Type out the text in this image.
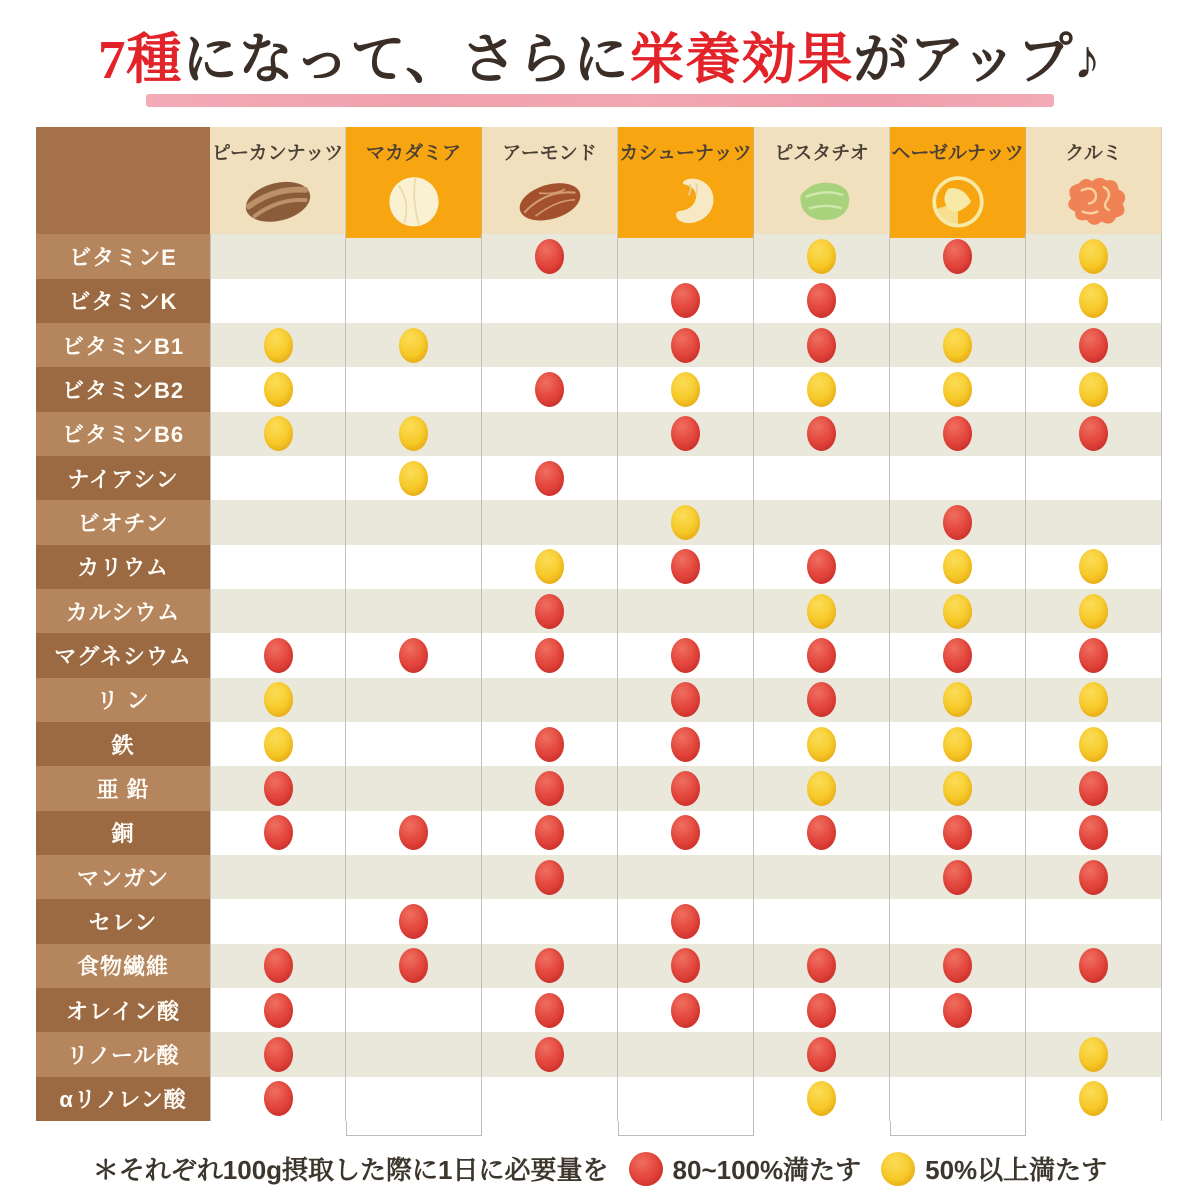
7種になって、さらに栄養効果がアップ♪
ピーカンナッツ マカダミア アーモンド カシューナッツ ピスタチオ ヘーゼルナッツ クルミ
ビタミンE
ビタミンK
ビタミンB1
ビタミンB2
ビタミンB6
ナイアシン
ビオチン
カリウム
カルシウム
マグネシウム
リ ン
鉄
亜 鉛
銅
マンガン
セレン
食物繊維
オレイン酸
リノール酸
αリノレン酸
＊それぞれ100g摂取した際に1日に必要量を 80~100%満たす 50%以上満たす
